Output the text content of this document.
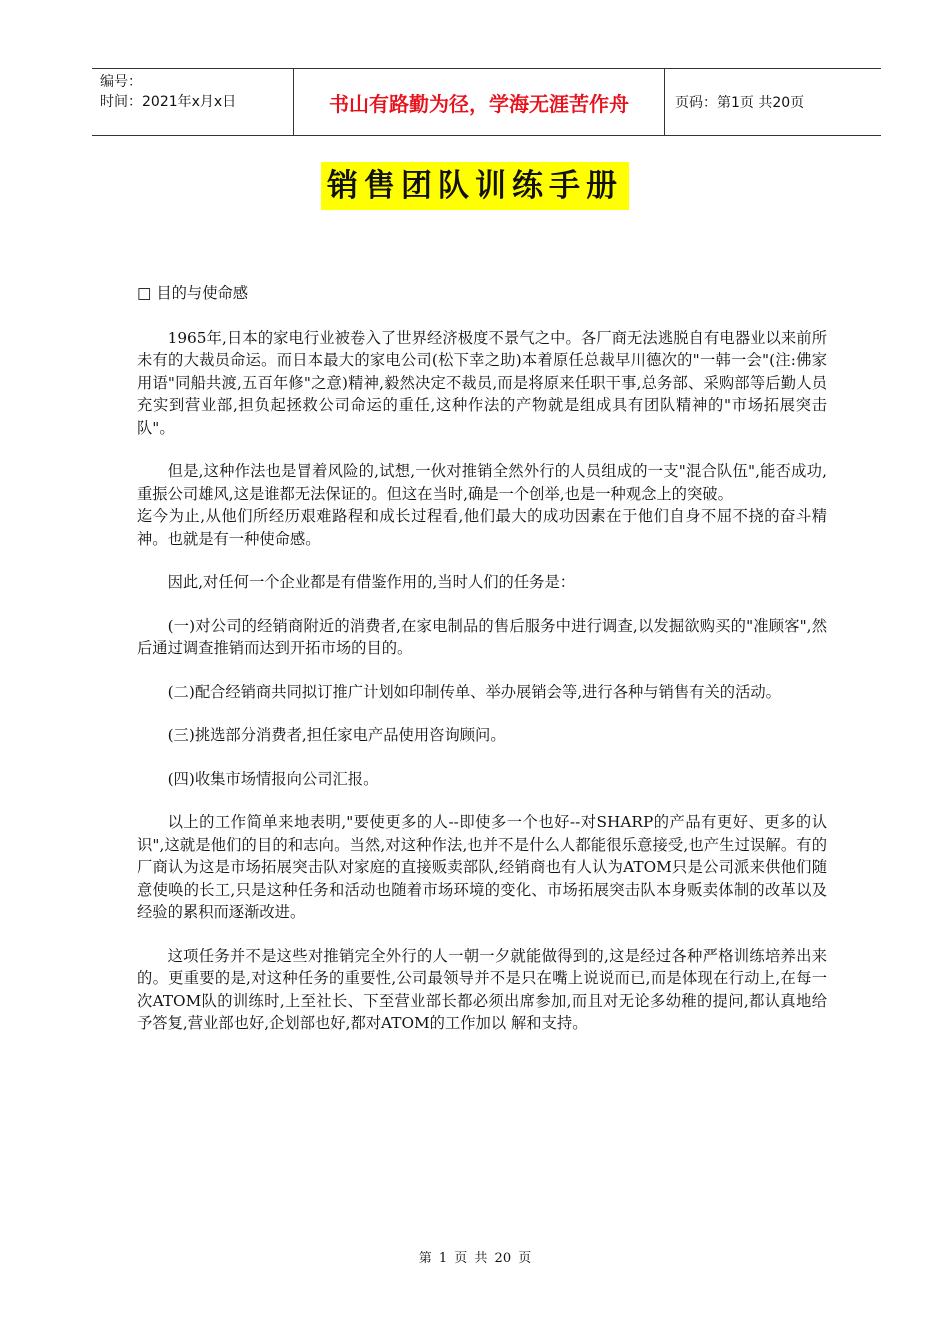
编号：
时间：2021年x月x日	书山有路勤为径，学海无涯苦作舟	页码：第1页 共20页
销售团队训练手册

□ 目的与使命感

1965年,日本的家电行业被卷入了世界经济极度不景气之中。各厂商无法逃脱自有电器业以来前所未有的大裁员命运。而日本最大的家电公司(松下幸之助)本着原任总裁早川德次的"一韩一会"(注:佛家用语"同船共渡,五百年修"之意)精神,毅然决定不裁员,而是将原来任职干事,总务部、采购部等后勤人员充实到营业部,担负起拯救公司命运的重任,这种作法的产物就是组成具有团队精神的"市场拓展突击队"。

但是,这种作法也是冒着风险的,试想,一伙对推销全然外行的人员组成的一支"混合队伍",能否成功,重振公司雄风,这是谁都无法保证的。但这在当时,确是一个创举,也是一种观念上的突破。

迄今为止,从他们所经历艰难路程和成长过程看,他们最大的成功因素在于他们自身不屈不挠的奋斗精神。也就是有一种使命感。

因此,对任何一个企业都是有借鉴作用的,当时人们的任务是：

(一)对公司的经销商附近的消费者,在家电制品的售后服务中进行调查,以发掘欲购买的"准顾客",然后通过调查推销而达到开拓市场的目的。

(二)配合经销商共同拟订推广计划如印制传单、举办展销会等,进行各种与销售有关的活动。

(三)挑选部分消费者,担任家电产品使用咨询顾问。

(四)收集市场情报向公司汇报。

以上的工作简单来地表明,"要使更多的人--即使多一个也好--对SHARP的产品有更好、更多的认识",这就是他们的目的和志向。当然,对这种作法,也并不是什么人都能很乐意接受,也产生过误解。有的厂商认为这是市场拓展突击队对家庭的直接贩卖部队,经销商也有人认为ATOM只是公司派来供他们随意使唤的长工,只是这种任务和活动也随着市场环境的变化、市场拓展突击队本身贩卖体制的改革以及经验的累积而逐渐改进。

这项任务并不是这些对推销完全外行的人一朝一夕就能做得到的,这是经过各种严格训练培养出来的。更重要的是,对这种任务的重要性,公司最领导并不是只在嘴上说说而已,而是体现在行动上,在每一次ATOM队的训练时,上至社长、下至营业部长都必须出席参加,而且对无论多幼稚的提问,都认真地给予答复,营业部也好,企划部也好,都对ATOM的工作加以 解和支持。

第 1 页 共 20 页
